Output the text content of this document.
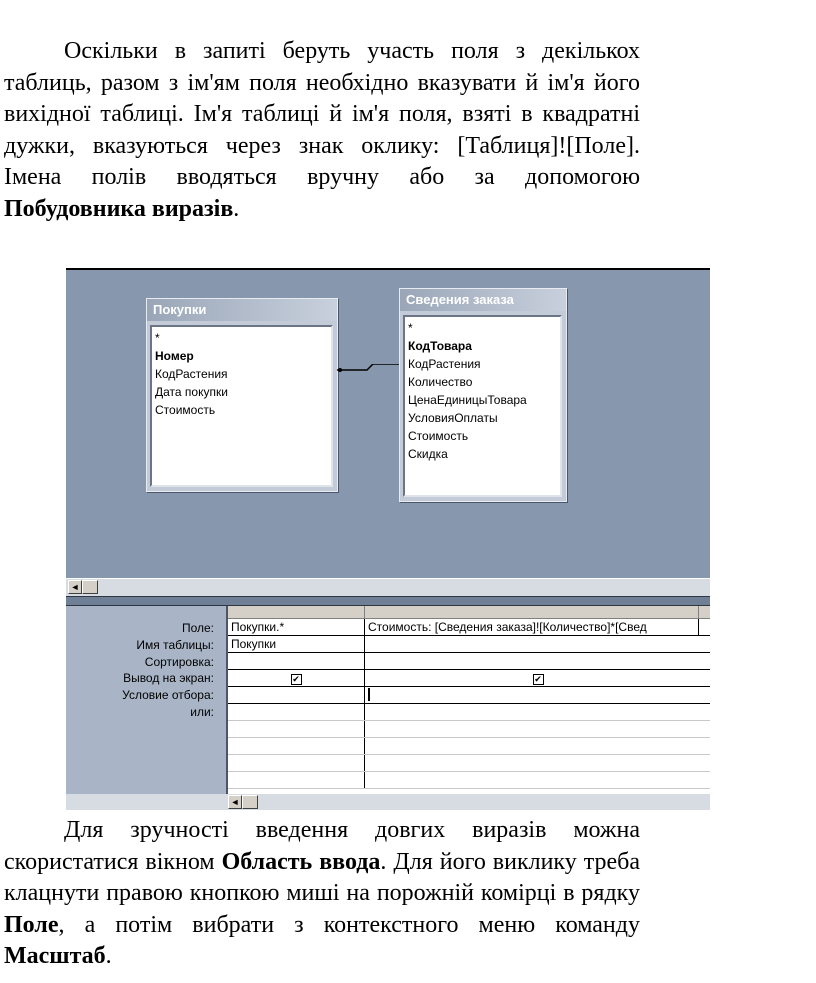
Оскільки в запиті беруть участь поля з декількох таблиць, разом з ім'ям поля необхідно вказувати й ім'я його вихідної таблиці. Ім'я таблиці й ім'я поля, взяті в квадратні дужки, вказуються через знак оклику: [Таблиця]![Поле]. Імена полів вводяться вручну або за допомогою Побудовника виразів.

Покупки
*
Номер
КодРастения
Дата покупки
Стоимость
Сведения заказа
*
КодТовара
КодРастения
Количество
ЦенаЕдиницыТовара
УсловияОплаты
Стоимость
Скидка
◄
Поле:
Имя таблицы:
Сортировка:
Вывод на экран:
Условие отбора:
или:
Покупки.*	Стоимость: [Сведения заказа]![Количество]*[Свед
Покупки
✔	✔
◄

Для зручності введення довгих виразів можна скористатися вікном Область ввода. Для його виклику треба клацнути правою кнопкою миші на порожній комірці в рядку Поле, а потім вибрати з контекстного меню команду Масштаб.
